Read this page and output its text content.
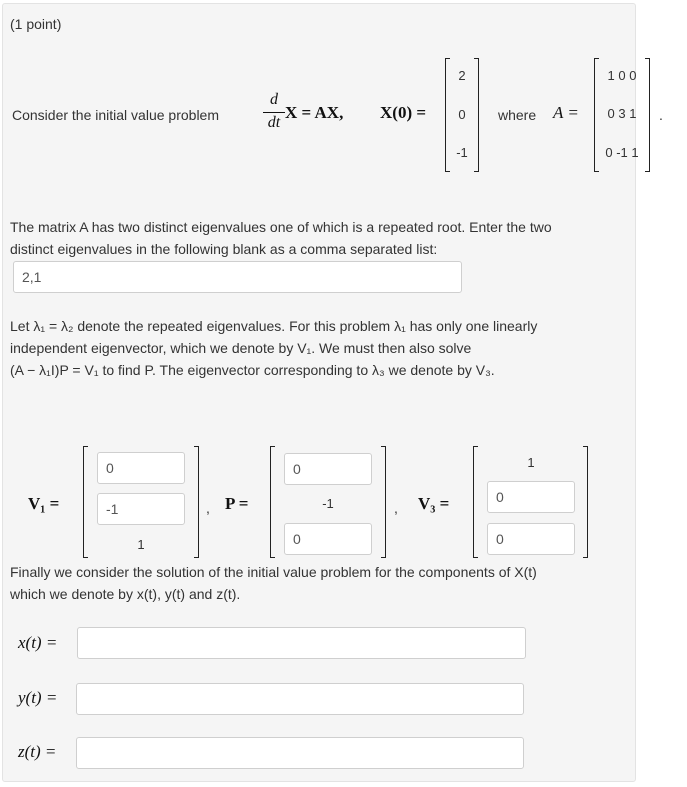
(1 point)
Consider the initial value problem
d
dt
X = AX, X(0) =
2
0
-1
where A =
1 0 0
0 3 1
0 -1 1
.
The matrix A has two distinct eigenvalues one of which is a repeated root. Enter the two
distinct eigenvalues in the following blank as a comma separated list:
2,1
Let λ₁ = λ₂ denote the repeated eigenvalues. For this problem λ₁ has only one linearly
independent eigenvector, which we denote by V₁. We must then also solve
(A − λ₁I)P = V₁ to find P. The eigenvector corresponding to λ₃ we denote by V₃.
V₁ =
0
-1
1
, P =
0	-1
0	, V₃ =
1
0
0
Finally we consider the solution of the initial value problem for the components of X(t)
which we denote by x(t), y(t) and z(t).
x(t) =
y(t) =
z(t) =
